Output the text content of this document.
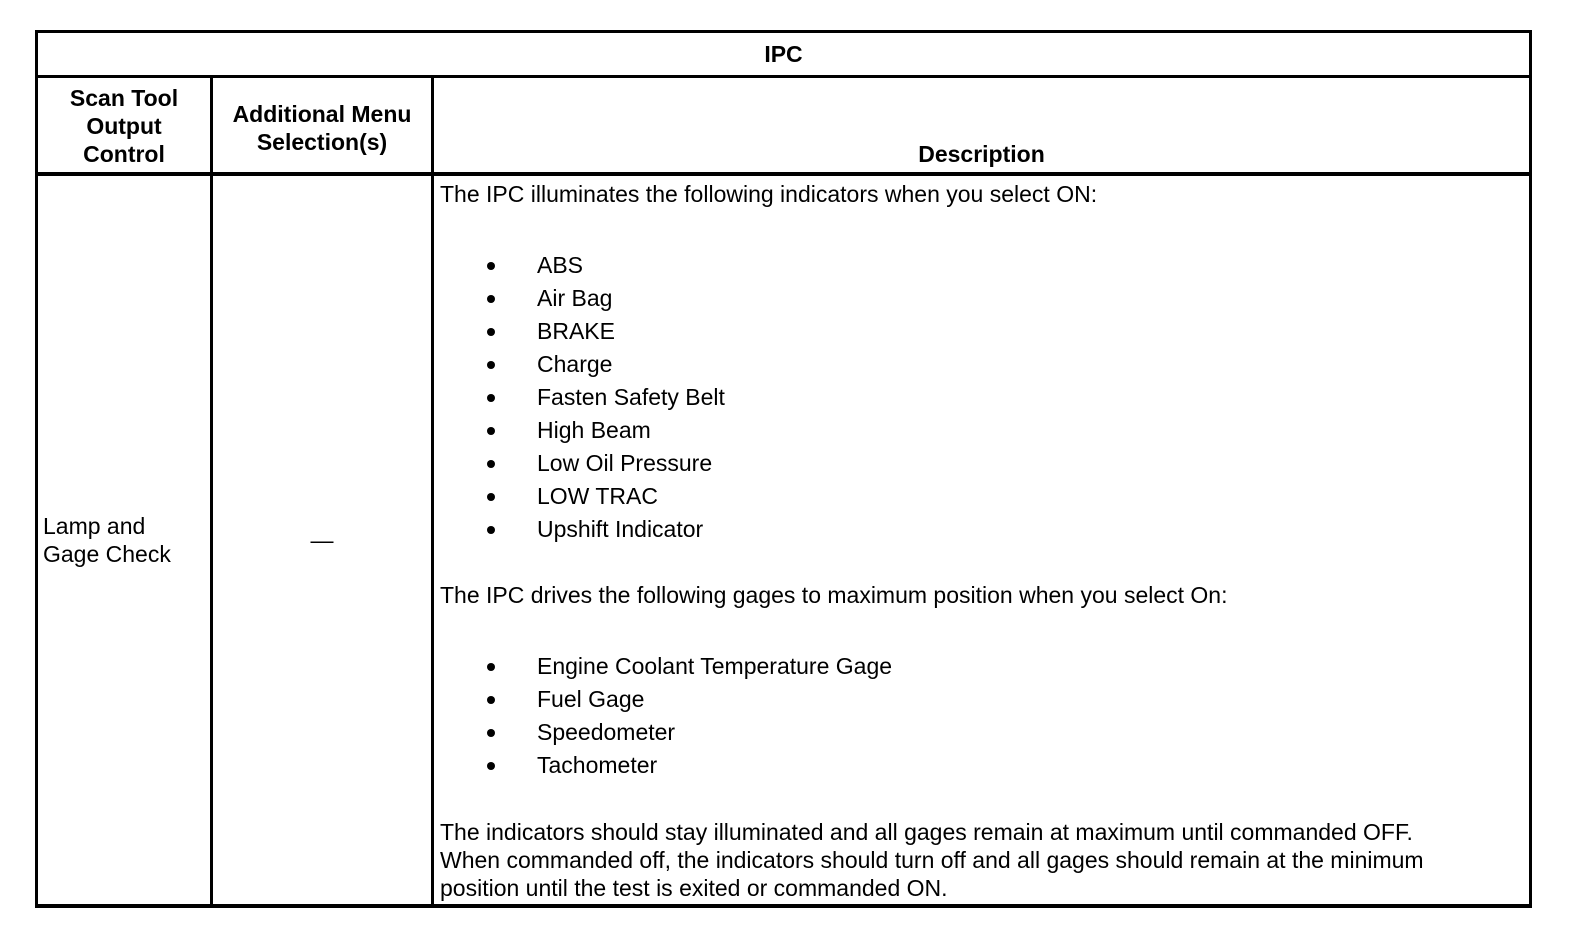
IPC
Scan Tool
Output
Control
Additional Menu
Selection(s)	Description
Lamp and
Gage Check
—
The IPC illuminates the following indicators when you select ON:
ABS
Air Bag
BRAKE
Charge
Fasten Safety Belt
High Beam
Low Oil Pressure
LOW TRAC
Upshift Indicator
The IPC drives the following gages to maximum position when you select On:
Engine Coolant Temperature Gage
Fuel Gage
Speedometer
Tachometer
The indicators should stay illuminated and all gages remain at maximum until commanded OFF.
When commanded off, the indicators should turn off and all gages should remain at the minimum
position until the test is exited or commanded ON.
